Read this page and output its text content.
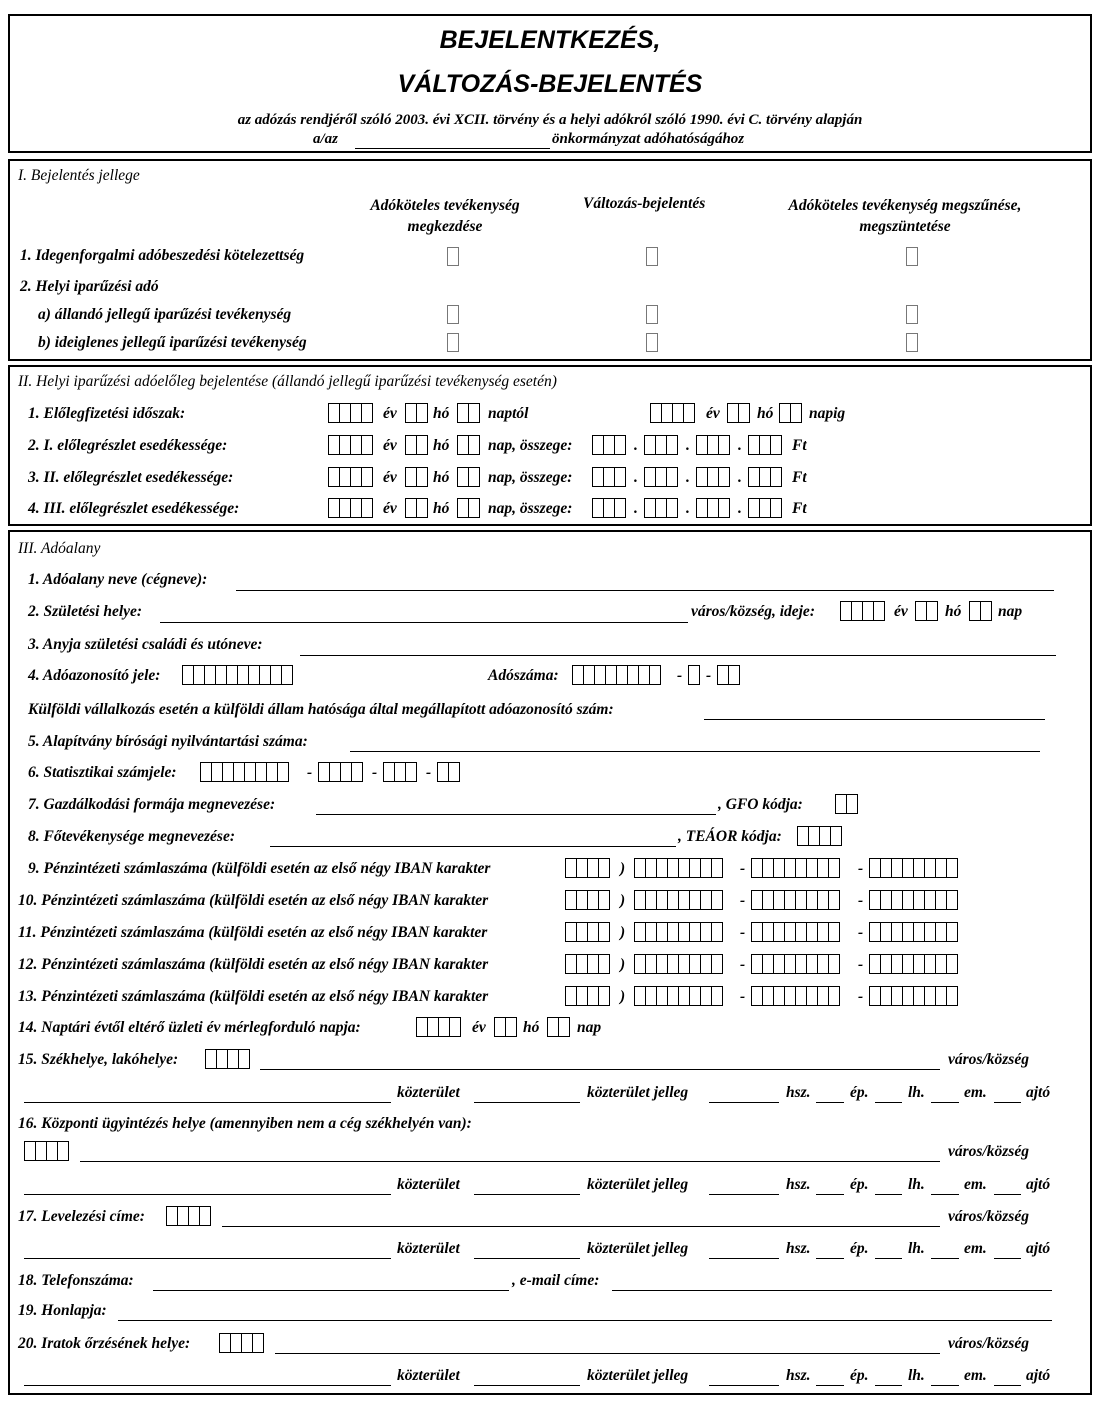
BEJELENTKEZÉS,
VÁLTOZÁS-BEJELENTÉS
az adózás rendjéről szóló 2003. évi XCII. törvény és a helyi adókról szóló 1990. évi C. törvény alapján
a/az	önkormányzat adóhatóságához
I. Bejelentés jellege
Adóköteles tevékenység megkezdése
Változás-bejelentés	Adóköteles tevékenység megszűnése, megszüntetése
1. Idegenforgalmi adóbeszedési kötelezettség
2. Helyi iparűzési adó
a) állandó jellegű iparűzési tevékenység
b) ideiglenes jellegű iparűzési tevékenység
II. Helyi iparűzési adóelőleg bejelentése (állandó jellegű iparűzési tevékenység esetén)
1. Előlegfizetési időszak:	év hó naptól	év hó napig
2. I. előlegrészlet esedékessége:	év hó nap, összege:	.	.	.	Ft
3. II. előlegrészlet esedékessége:	év hó nap, összege:	.	.	.	Ft
4. III. előlegrészlet esedékessége:	év hó nap, összege:	.	.	.	Ft
III. Adóalany
1. Adóalany neve (cégneve):
2. Születési helye:	város/község, ideje:	év hó nap
3. Anyja születési családi és utóneve:
4. Adóazonosító jele:	Adószáma:	- -
Külföldi vállalkozás esetén a külföldi állam hatósága által megállapított adóazonosító szám:
5. Alapítvány bírósági nyilvántartási száma:
6. Statisztikai számjele:	-	-	-
7. Gazdálkodási formája megnevezése:	, GFO kódja:
8. Főtevékenysége megnevezése:	, TEÁOR kódja:
9. Pénzintézeti számlaszáma (külföldi esetén az első négy IBAN karakter	)	-	-
10. Pénzintézeti számlaszáma (külföldi esetén az első négy IBAN karakter	)	-	-
11. Pénzintézeti számlaszáma (külföldi esetén az első négy IBAN karakter	)	-	-
12. Pénzintézeti számlaszáma (külföldi esetén az első négy IBAN karakter	)	-	-
13. Pénzintézeti számlaszáma (külföldi esetén az első négy IBAN karakter	)	-	-
14. Naptári évtől eltérő üzleti év mérlegforduló napja:	év hó nap
15. Székhelye, lakóhelye:	város/község
közterület	közterület jelleg	hsz.	ép.	lh.	em.	ajtó
16. Központi ügyintézés helye (amennyiben nem a cég székhelyén van):
város/község
közterület	közterület jelleg	hsz.	ép.	lh.	em.	ajtó
17. Levelezési címe:	város/község
közterület	közterület jelleg	hsz.	ép.	lh.	em.	ajtó
20. Iratok őrzésének helye:	város/község
közterület	közterület jelleg	hsz.	ép.	lh.	em.	ajtó
18. Telefonszáma:	, e-mail címe:
19. Honlapja:
